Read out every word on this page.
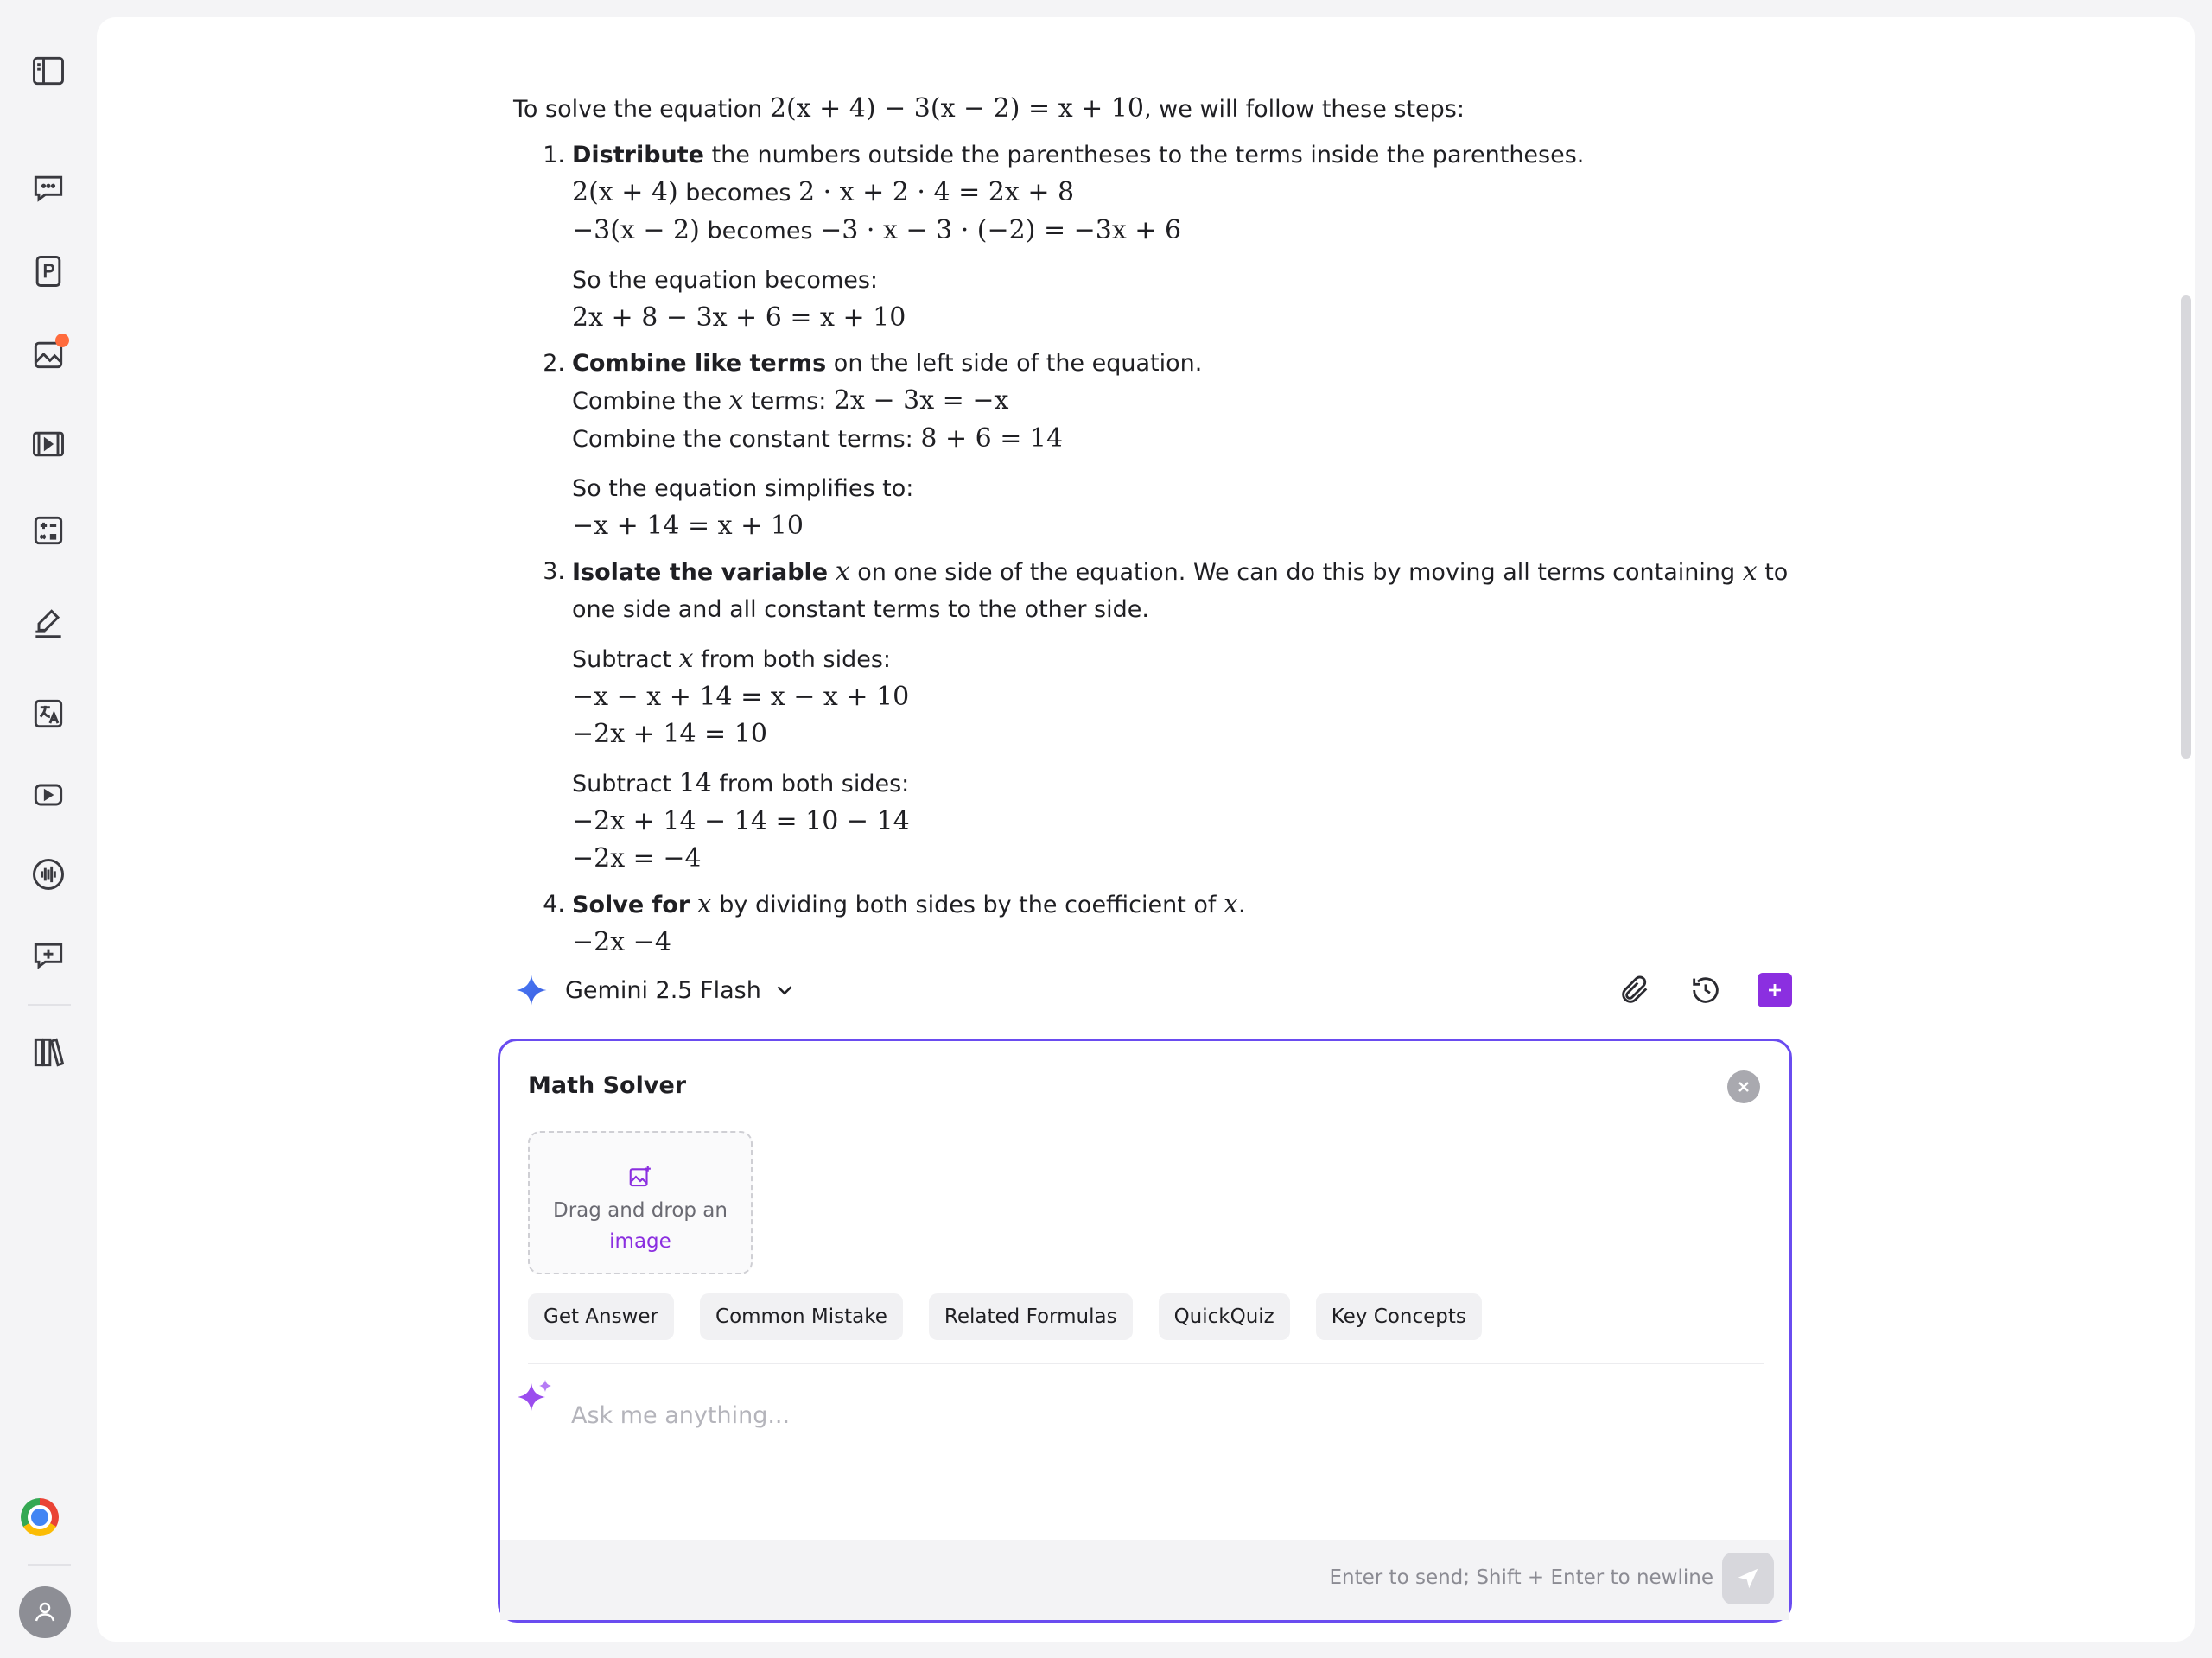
To solve the equation 2(x + 4) − 3(x − 2) = x + 10, we will follow these steps:

1. Distribute the numbers outside the parentheses to the terms inside the parentheses.
2(x + 4) becomes 2 · x + 2 · 4 = 2x + 8
−3(x − 2) becomes −3 · x − 3 · (−2) = −3x + 6
So the equation becomes:
2x + 8 − 3x + 6 = x + 10
2. Combine like terms on the left side of the equation.
Combine the x terms: 2x − 3x = −x
Combine the constant terms: 8 + 6 = 14
So the equation simplifies to:
−x + 14 = x + 10
3. Isolate the variable x on one side of the equation. We can do this by moving all terms containing x to one side and all constant terms to the other side.
Subtract x from both sides:
−x − x + 14 = x − x + 10
−2x + 14 = 10
Subtract 14 from both sides:
−2x + 14 − 14 = 10 − 14
−2x = −4
4. Solve for x by dividing both sides by the coefficient of x.
−2x −4
Gemini 2.5 Flash
Math Solver
Drag and drop an
image
Get Answer	Common Mistake	Related Formulas	QuickQuiz	Key Concepts
Ask me anything...
Enter to send; Shift + Enter to newline
